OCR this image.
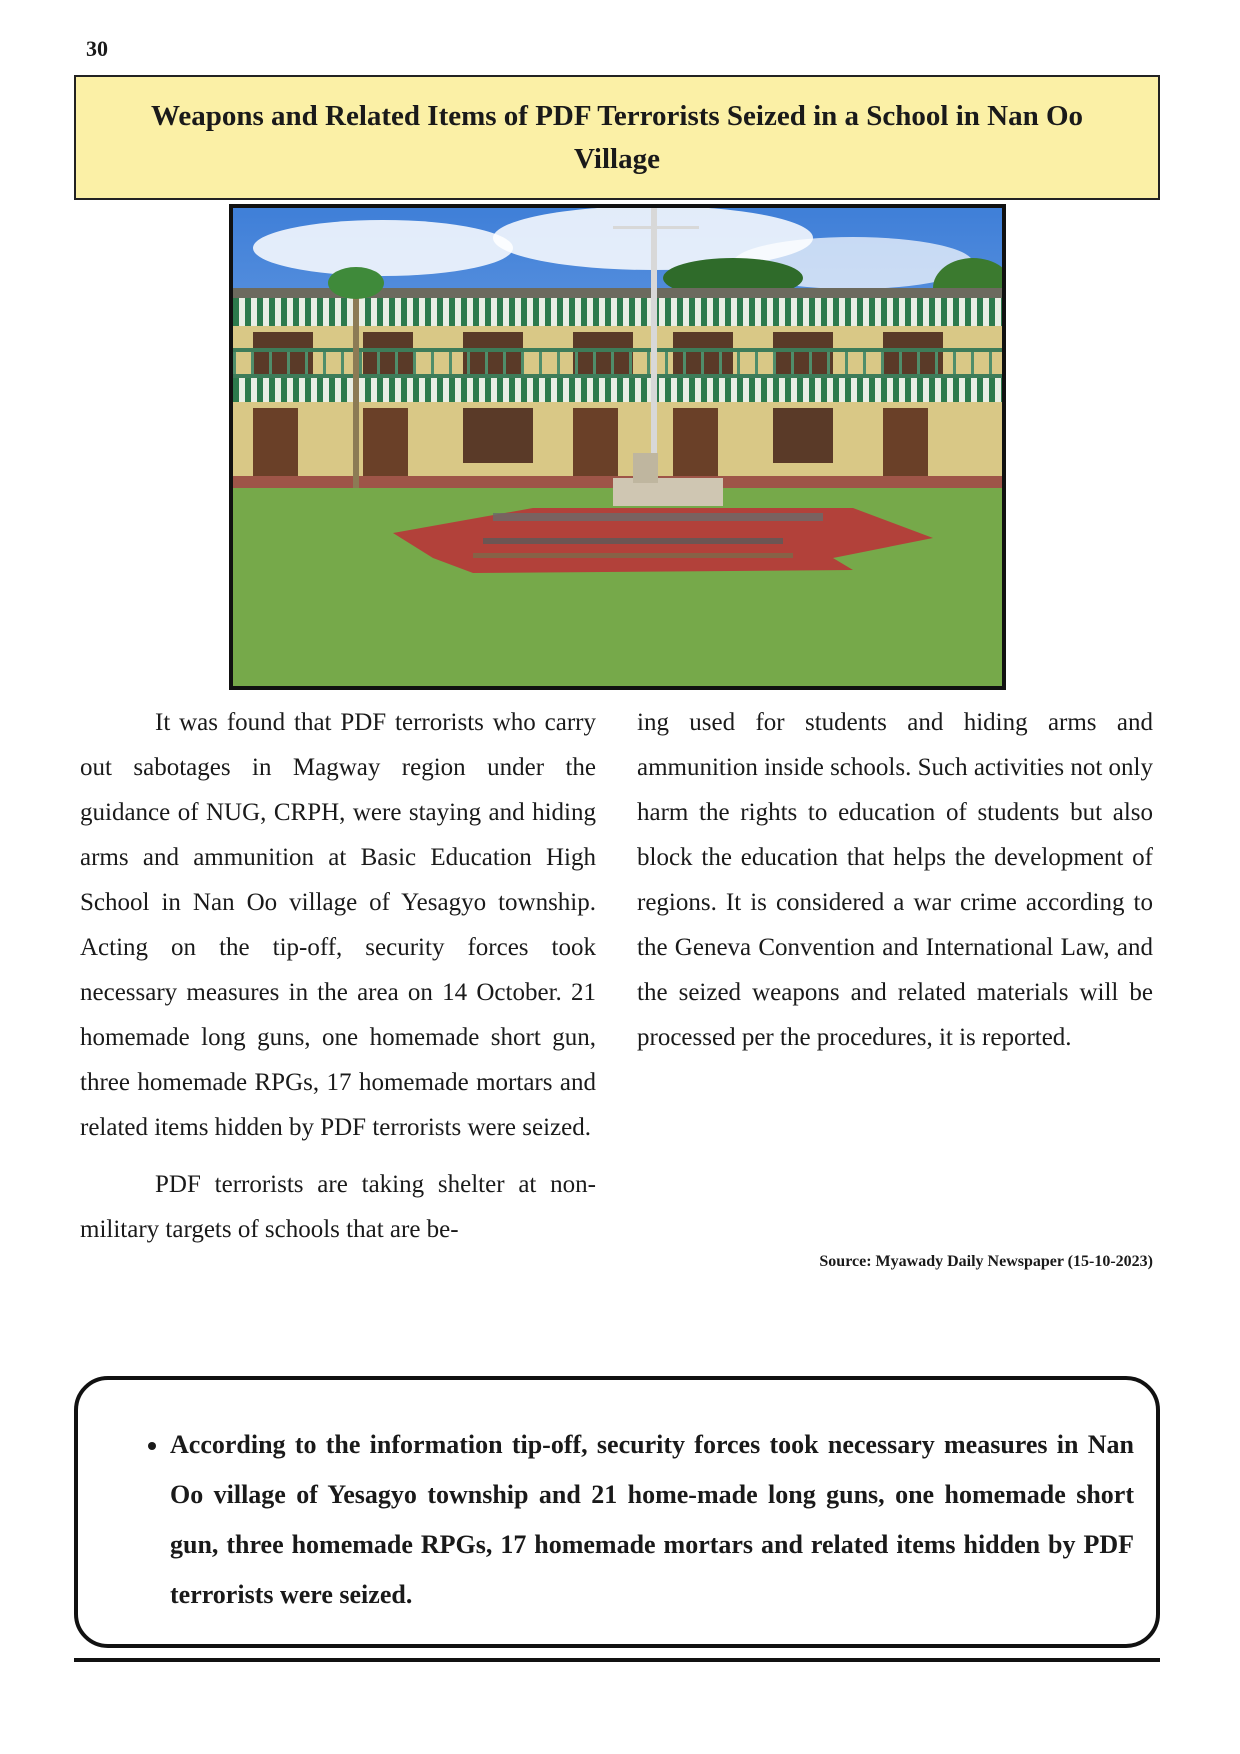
30
Weapons and Related Items of PDF Terrorists Seized in a School in Nan Oo Village

It was found that PDF terrorists who carry out sabotages in Magway region under the guidance of NUG, CRPH, were staying and hiding arms and ammunition at Basic Education High School in Nan Oo village of Yesagyo township. Acting on the tip-off, security forces took necessary measures in the area on 14 October. 21 homemade long guns, one homemade short gun, three homemade RPGs, 17 homemade mortars and related items hidden by PDF terrorists were seized.

PDF terrorists are taking shelter at non-military targets of schools that are be-

ing used for students and hiding arms and ammunition inside schools. Such activities not only harm the rights to education of students but also block the education that helps the development of regions. It is considered a war crime according to the Geneva Convention and International Law, and the seized weapons and related materials will be processed per the procedures, it is reported.

Source: Myawady Daily Newspaper (15-10-2023)
• According to the information tip-off, security forces took necessary measures in Nan Oo village of Yesagyo township and 21 home-made long guns, one homemade short gun, three homemade RPGs, 17 homemade mortars and related items hidden by PDF terrorists were seized.
